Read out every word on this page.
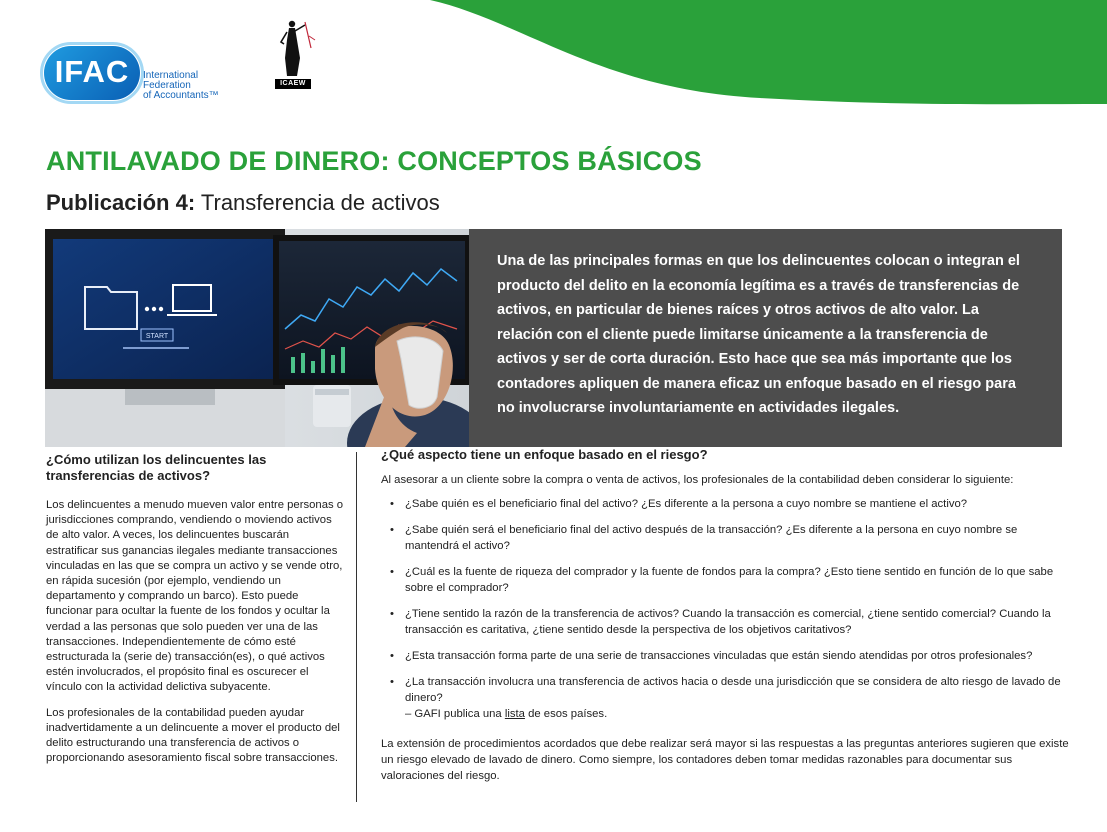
IFAC	International
Federation
of Accountants™
ICAEW
ANTILAVADO DE DINERO: CONCEPTOS BÁSICOS
Publicación 4: Transferencia de activos
START

Una de las principales formas en que los delincuentes colocan o integran el producto del delito en la economía legítima es a través de transferencias de activos, en particular de bienes raíces y otros activos de alto valor. La relación con el cliente puede limitarse únicamente a la transferencia de activos y ser de corta duración. Esto hace que sea más importante que los contadores apliquen de manera eficaz un enfoque basado en el riesgo para no involucrarse involuntariamente en actividades ilegales.

¿Cómo utilizan los delincuentes las transferencias de activos?

Los delincuentes a menudo mueven valor entre personas o jurisdicciones comprando, vendiendo o moviendo activos de alto valor. A veces, los delincuentes buscarán estratificar sus ganancias ilegales mediante transacciones vinculadas en las que se compra un activo y se vende otro, en rápida sucesión (por ejemplo, vendiendo un departamento y comprando un barco). Esto puede funcionar para ocultar la fuente de los fondos y ocultar la verdad a las personas que solo pueden ver una de las transacciones. Independientemente de cómo esté estructurada la (serie de) transacción(es), o qué activos estén involucrados, el propósito final es oscurecer el vínculo con la actividad delictiva subyacente.

Los profesionales de la contabilidad pueden ayudar inadvertidamente a un delincuente a mover el producto del delito estructurando una transferencia de activos o proporcionando asesoramiento fiscal sobre transacciones.

¿Qué aspecto tiene un enfoque basado en el riesgo?

Al asesorar a un cliente sobre la compra o venta de activos, los profesionales de la contabilidad deben considerar lo siguiente:

• ¿Sabe quién es el beneficiario final del activo? ¿Es diferente a la persona a cuyo nombre se mantiene el activo?
• ¿Sabe quién será el beneficiario final del activo después de la transacción? ¿Es diferente a la persona en cuyo nombre se mantendrá el activo?
• ¿Cuál es la fuente de riqueza del comprador y la fuente de fondos para la compra? ¿Esto tiene sentido en función de lo que sabe sobre el comprador?
• ¿Tiene sentido la razón de la transferencia de activos? Cuando la transacción es comercial, ¿tiene sentido comercial? Cuando la transacción es caritativa, ¿tiene sentido desde la perspectiva de los objetivos caritativos?
• ¿Esta transacción forma parte de una serie de transacciones vinculadas que están siendo atendidas por otros profesionales?
• ¿La transacción involucra una transferencia de activos hacia o desde una jurisdicción que se considera de alto riesgo de lavado de dinero?
– GAFI publica una lista de esos países.

La extensión de procedimientos acordados que debe realizar será mayor si las respuestas a las preguntas anteriores sugieren que existe un riesgo elevado de lavado de dinero. Como siempre, los contadores deben tomar medidas razonables para documentar sus valoraciones del riesgo.
